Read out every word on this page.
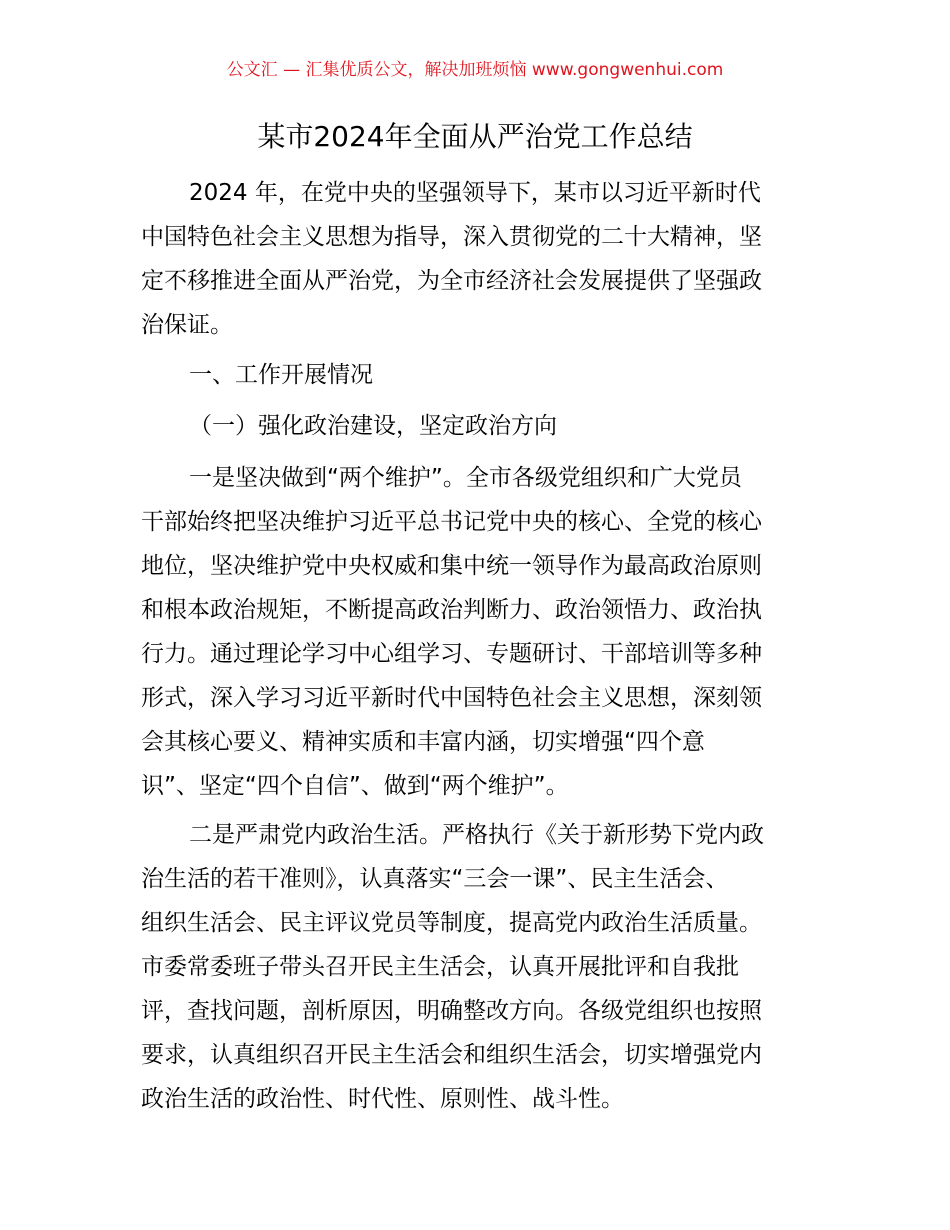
公文汇 — 汇集优质公文，解决加班烦恼 www.gongwenhui.com
某市2024年全面从严治党工作总结
2024 年，在党中央的坚强领导下，某市以习近平新时代
中国特色社会主义思想为指导，深入贯彻党的二十大精神，坚
定不移推进全面从严治党，为全市经济社会发展提供了坚强政
治保证。
一、工作开展情况
（一）强化政治建设，坚定政治方向
一是坚决做到“两个维护”。全市各级党组织和广大党员
干部始终把坚决维护习近平总书记党中央的核心、全党的核心
地位，坚决维护党中央权威和集中统一领导作为最高政治原则
和根本政治规矩，不断提高政治判断力、政治领悟力、政治执
行力。通过理论学习中心组学习、专题研讨、干部培训等多种
形式，深入学习习近平新时代中国特色社会主义思想，深刻领
会其核心要义、精神实质和丰富内涵，切实增强“四个意
识”、坚定“四个自信”、做到“两个维护”。
二是严肃党内政治生活。严格执行《关于新形势下党内政
治生活的若干准则》，认真落实“三会一课”、民主生活会、
组织生活会、民主评议党员等制度，提高党内政治生活质量。
市委常委班子带头召开民主生活会，认真开展批评和自我批
评，查找问题，剖析原因，明确整改方向。各级党组织也按照
要求，认真组织召开民主生活会和组织生活会，切实增强党内
政治生活的政治性、时代性、原则性、战斗性。
